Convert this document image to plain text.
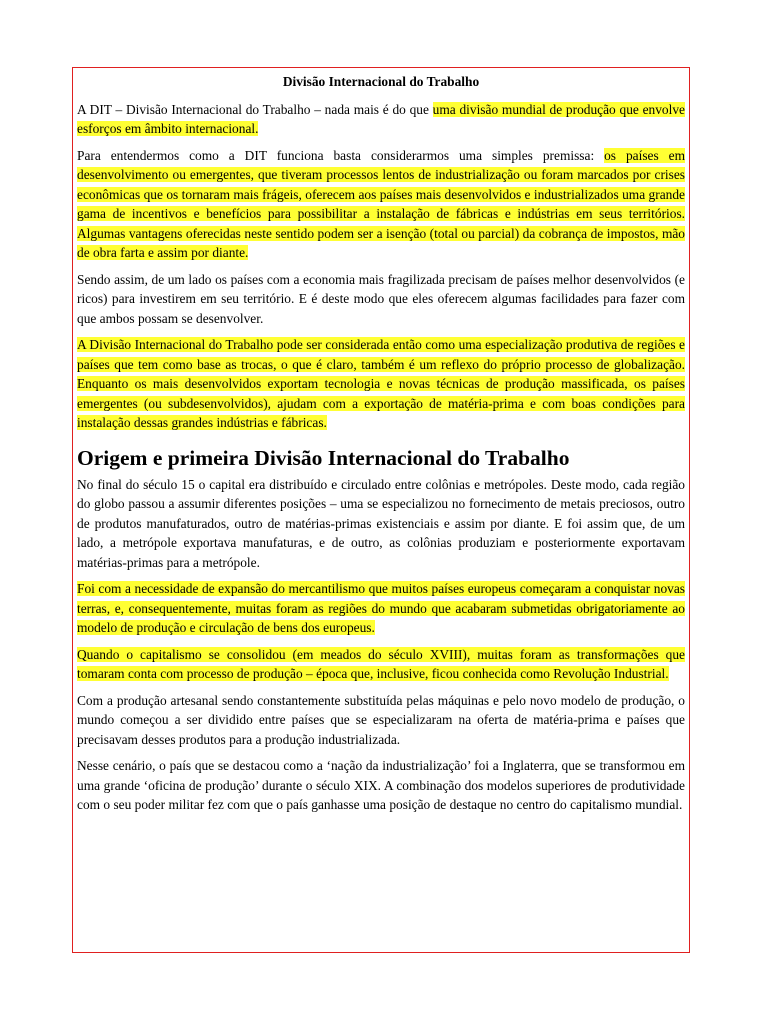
Divisão Internacional do Trabalho

A DIT – Divisão Internacional do Trabalho – nada mais é do que uma divisão mundial de produção que envolve esforços em âmbito internacional.

Para entendermos como a DIT funciona basta considerarmos uma simples premissa: os países em desenvolvimento ou emergentes, que tiveram processos lentos de industrialização ou foram marcados por crises econômicas que os tornaram mais frágeis, oferecem aos países mais desenvolvidos e industrializados uma grande gama de incentivos e benefícios para possibilitar a instalação de fábricas e indústrias em seus territórios. Algumas vantagens oferecidas neste sentido podem ser a isenção (total ou parcial) da cobrança de impostos, mão de obra farta e assim por diante.

Sendo assim, de um lado os países com a economia mais fragilizada precisam de países melhor desenvolvidos (e ricos) para investirem em seu território. E é deste modo que eles oferecem algumas facilidades para fazer com que ambos possam se desenvolver.

A Divisão Internacional do Trabalho pode ser considerada então como uma especialização produtiva de regiões e países que tem como base as trocas, o que é claro, também é um reflexo do próprio processo de globalização. Enquanto os mais desenvolvidos exportam tecnologia e novas técnicas de produção massificada, os países emergentes (ou subdesenvolvidos), ajudam com a exportação de matéria-prima e com boas condições para instalação dessas grandes indústrias e fábricas.

Origem e primeira Divisão Internacional do Trabalho

No final do século 15 o capital era distribuído e circulado entre colônias e metrópoles. Deste modo, cada região do globo passou a assumir diferentes posições – uma se especializou no fornecimento de metais preciosos, outro de produtos manufaturados, outro de matérias-primas existenciais e assim por diante. E foi assim que, de um lado, a metrópole exportava manufaturas, e de outro, as colônias produziam e posteriormente exportavam matérias-primas para a metrópole.

Foi com a necessidade de expansão do mercantilismo que muitos países europeus começaram a conquistar novas terras, e, consequentemente, muitas foram as regiões do mundo que acabaram submetidas obrigatoriamente ao modelo de produção e circulação de bens dos europeus.

Quando o capitalismo se consolidou (em meados do século XVIII), muitas foram as transformações que tomaram conta com processo de produção – época que, inclusive, ficou conhecida como Revolução Industrial.

Com a produção artesanal sendo constantemente substituída pelas máquinas e pelo novo modelo de produção, o mundo começou a ser dividido entre países que se especializaram na oferta de matéria-prima e países que precisavam desses produtos para a produção industrializada.

Nesse cenário, o país que se destacou como a ‘nação da industrialização’ foi a Inglaterra, que se transformou em uma grande ‘oficina de produção’ durante o século XIX. A combinação dos modelos superiores de produtividade com o seu poder militar fez com que o país ganhasse uma posição de destaque no centro do capitalismo mundial.
